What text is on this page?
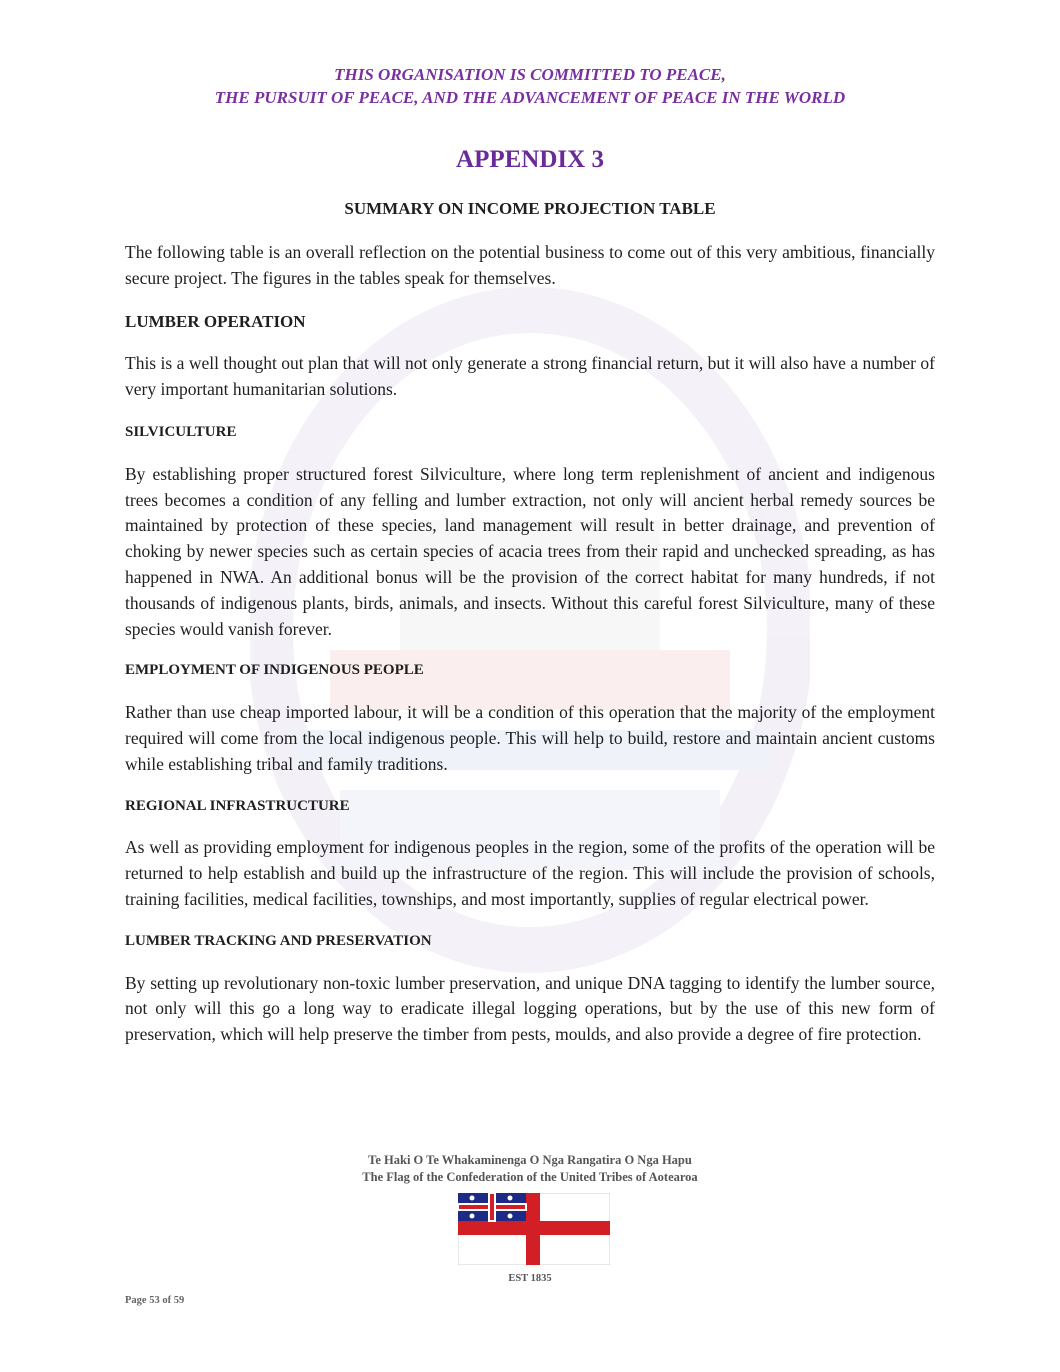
THIS ORGANISATION IS COMMITTED TO PEACE,
THE PURSUIT OF PEACE, AND THE ADVANCEMENT OF PEACE IN THE WORLD
APPENDIX 3
SUMMARY ON INCOME PROJECTION TABLE

The following table is an overall reflection on the potential business to come out of this very ambitious, financially secure project. The figures in the tables speak for themselves.

LUMBER OPERATION

This is a well thought out plan that will not only generate a strong financial return, but it will also have a number of very important humanitarian solutions.

SILVICULTURE

By establishing proper structured forest Silviculture, where long term replenishment of ancient and indigenous trees becomes a condition of any felling and lumber extraction, not only will ancient herbal remedy sources be maintained by protection of these species, land management will result in better drainage, and prevention of choking by newer species such as certain species of acacia trees from their rapid and unchecked spreading, as has happened in NWA. An additional bonus will be the provision of the correct habitat for many hundreds, if not thousands of indigenous plants, birds, animals, and insects. Without this careful forest Silviculture, many of these species would vanish forever.

EMPLOYMENT OF INDIGENOUS PEOPLE

Rather than use cheap imported labour, it will be a condition of this operation that the majority of the employment required will come from the local indigenous people. This will help to build, restore and maintain ancient customs while establishing tribal and family traditions.

REGIONAL INFRASTRUCTURE

As well as providing employment for indigenous peoples in the region, some of the profits of the operation will be returned to help establish and build up the infrastructure of the region. This will include the provision of schools, training facilities, medical facilities, townships, and most importantly, supplies of regular electrical power.

LUMBER TRACKING AND PRESERVATION

By setting up revolutionary non-toxic lumber preservation, and unique DNA tagging to identify the lumber source, not only will this go a long way to eradicate illegal logging operations, but by the use of this new form of preservation, which will help preserve the timber from pests, moulds, and also provide a degree of fire protection.

Te Haki O Te Whakaminenga O Nga Rangatira O Nga Hapu
The Flag of the Confederation of the United Tribes of Aotearoa
EST 1835
Page 53 of 59
